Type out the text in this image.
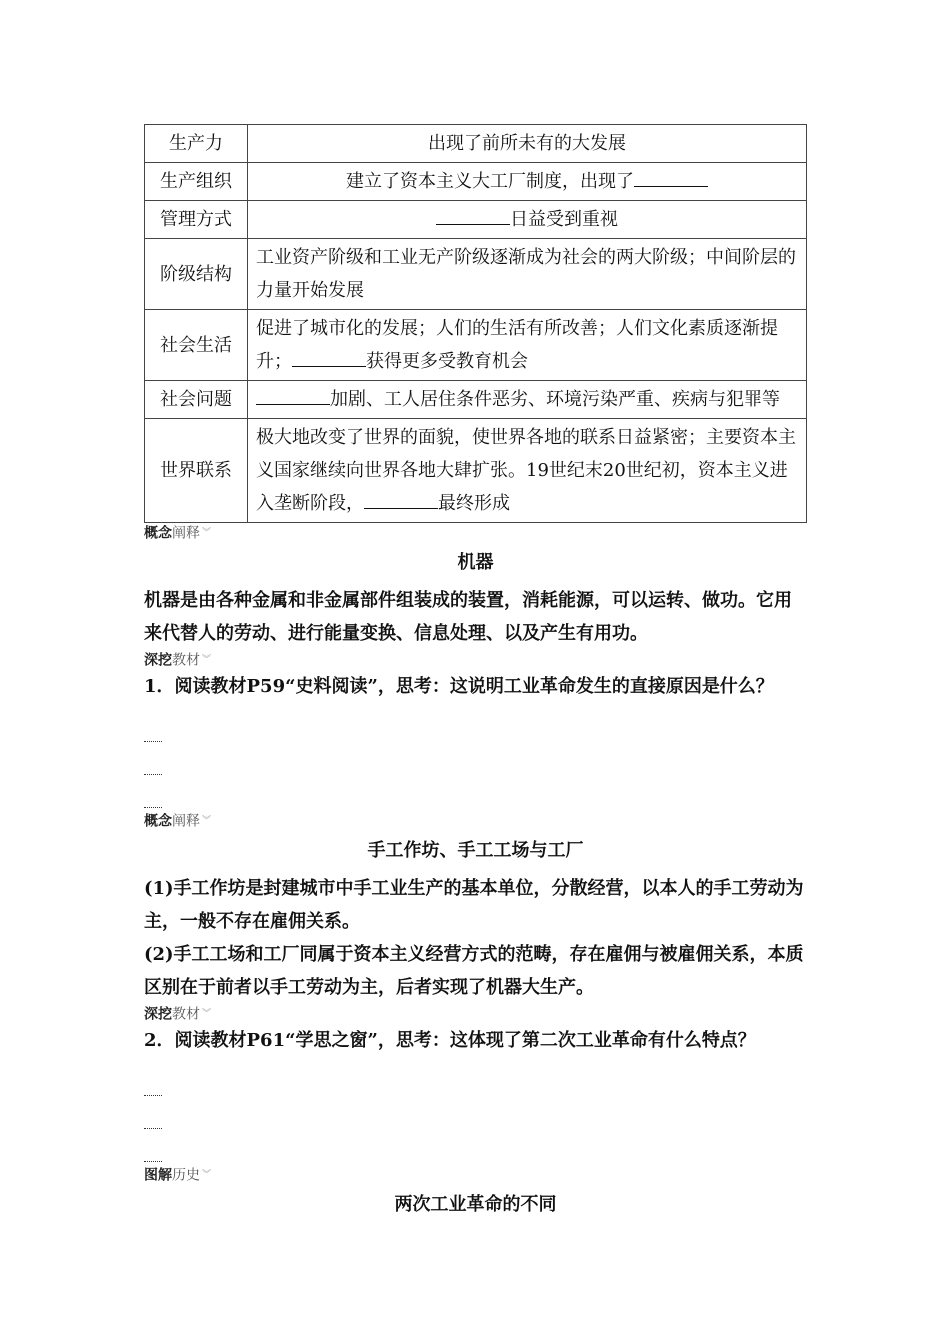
生产力	出现了前所未有的大发展
生产组织	建立了资本主义大工厂制度，出现了
管理方式	日益受到重视
阶级结构	工业资产阶级和工业无产阶级逐渐成为社会的两大阶级；中间阶层的力量开始发展
社会生活	促进了城市化的发展；人们的生活有所改善；人们文化素质逐渐提升； 获得更多受教育机会
社会问题	加剧、工人居住条件恶劣、环境污染严重、疾病与犯罪等
世界联系	极大地改变了世界的面貌，使世界各地的联系日益紧密；主要资本主义国家继续向世界各地大肆扩张。19世纪末20世纪初，资本主义进入垄断阶段， 最终形成
概念阐释 ︾
机器
机器是由各种金属和非金属部件组装成的装置，消耗能源，可以运转、做功。它用来代替人的劳动、进行能量变换、信息处理、以及产生有用功。
深挖教材 ︾
1．阅读教材P59“史料阅读”，思考：这说明工业革命发生的直接原因是什么？
概念阐释 ︾
手工作坊、手工工场与工厂
(1)手工作坊是封建城市中手工业生产的基本单位，分散经营，以本人的手工劳动为主，一般不存在雇佣关系。
(2)手工工场和工厂同属于资本主义经营方式的范畴，存在雇佣与被雇佣关系，本质区别在于前者以手工劳动为主，后者实现了机器大生产。
深挖教材 ︾
2．阅读教材P61“学思之窗”，思考：这体现了第二次工业革命有什么特点？
图解历史 ︾
两次工业革命的不同
